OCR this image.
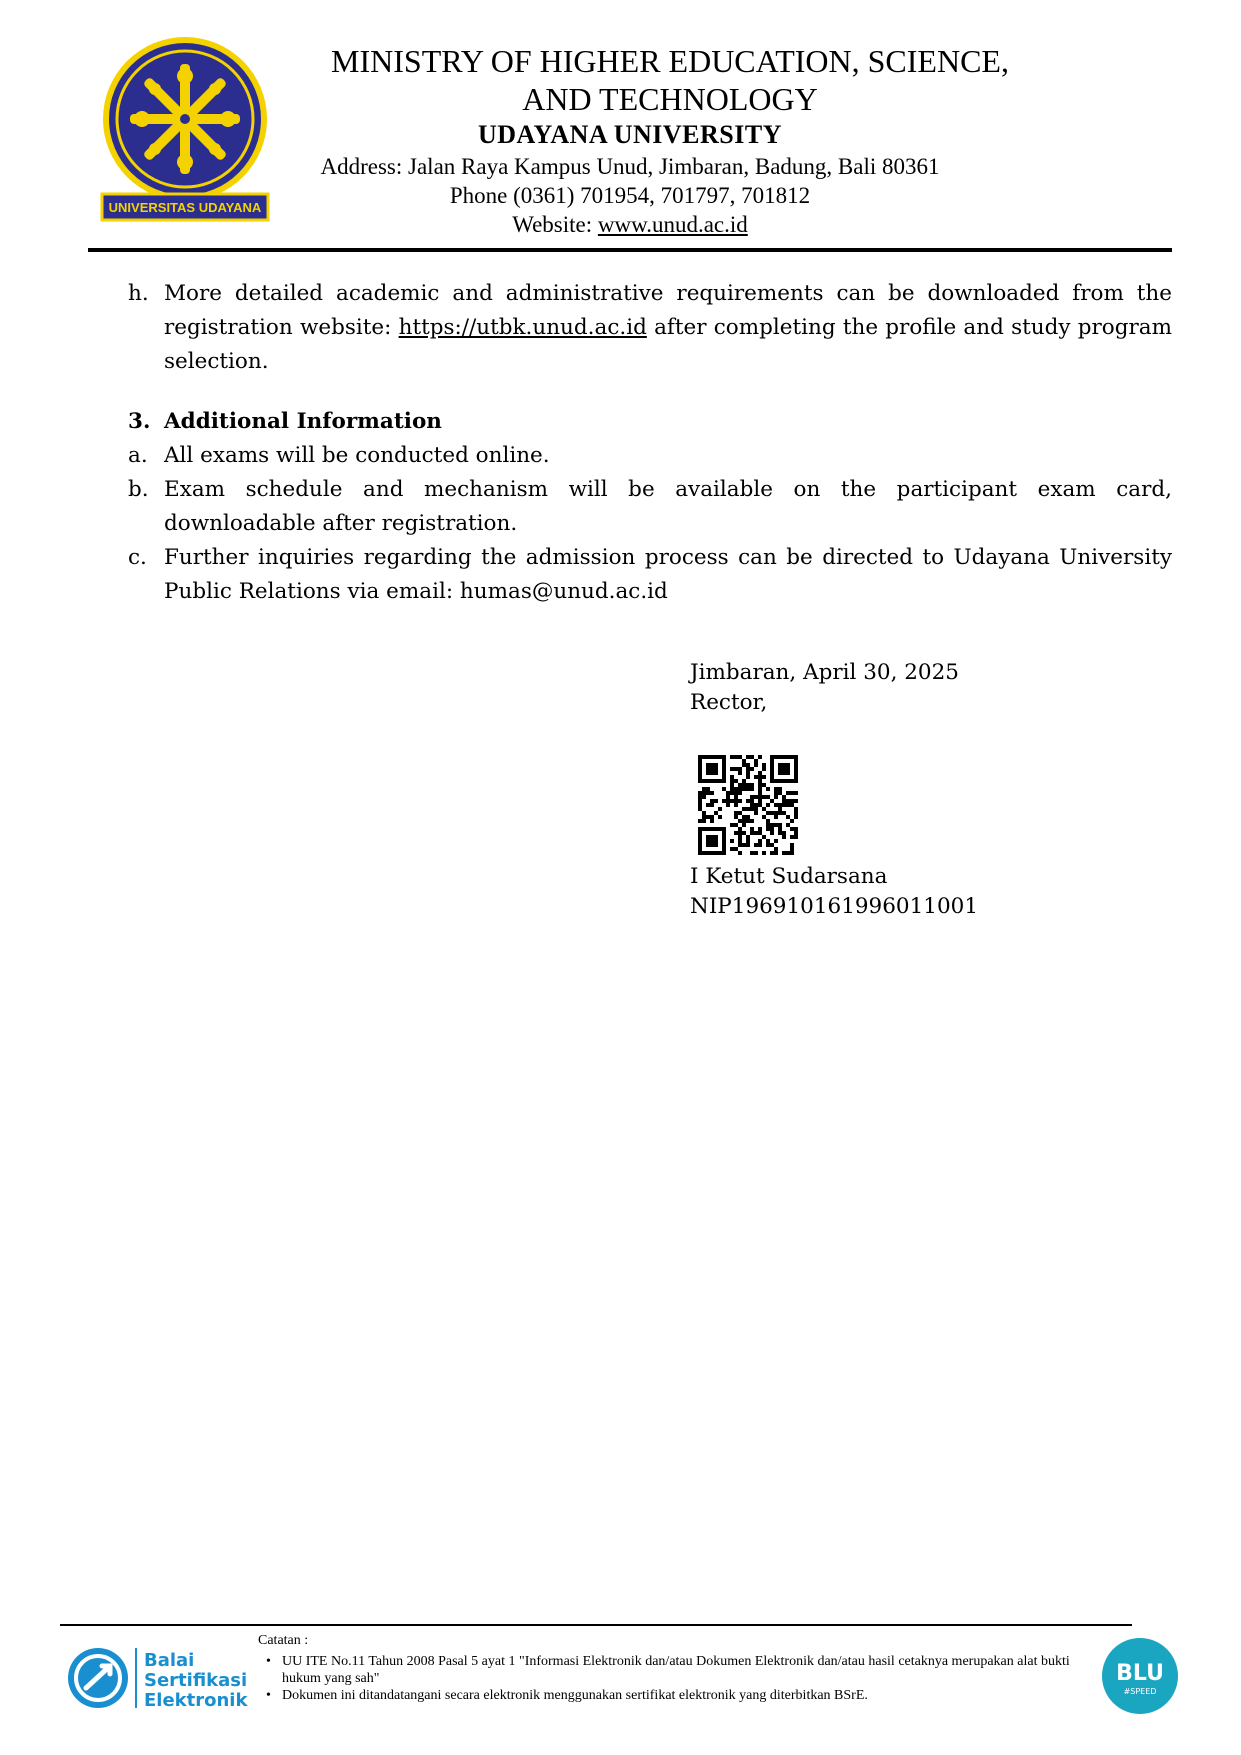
UNIVERSITAS UDAYANA
MINISTRY OF HIGHER EDUCATION, SCIENCE, AND TECHNOLOGY
UDAYANA UNIVERSITY
Address: Jalan Raya Kampus Unud, Jimbaran, Badung, Bali 80361
Phone (0361) 701954, 701797, 701812
Website: www.unud.ac.id
h. More detailed academic and administrative requirements can be downloaded from the registration website: https://utbk.unud.ac.id after completing the profile and study program selection.
3. Additional Information
a. All exams will be conducted online.
b. Exam schedule and mechanism will be available on the participant exam card, downloadable after registration.
c. Further inquiries regarding the admission process can be directed to Udayana University Public Relations via email: humas@unud.ac.id
Jimbaran, April 30, 2025
Rector,
I Ketut Sudarsana
NIP196910161996011001
Balai
Sertifikasi
Elektronik
Catatan :
• UU ITE No.11 Tahun 2008 Pasal 5 ayat 1 "Informasi Elektronik dan/atau Dokumen Elektronik dan/atau hasil cetaknya merupakan alat bukti hukum yang sah"
• Dokumen ini ditandatangani secara elektronik menggunakan sertifikat elektronik yang diterbitkan BSrE.
BLU
#SPEED
